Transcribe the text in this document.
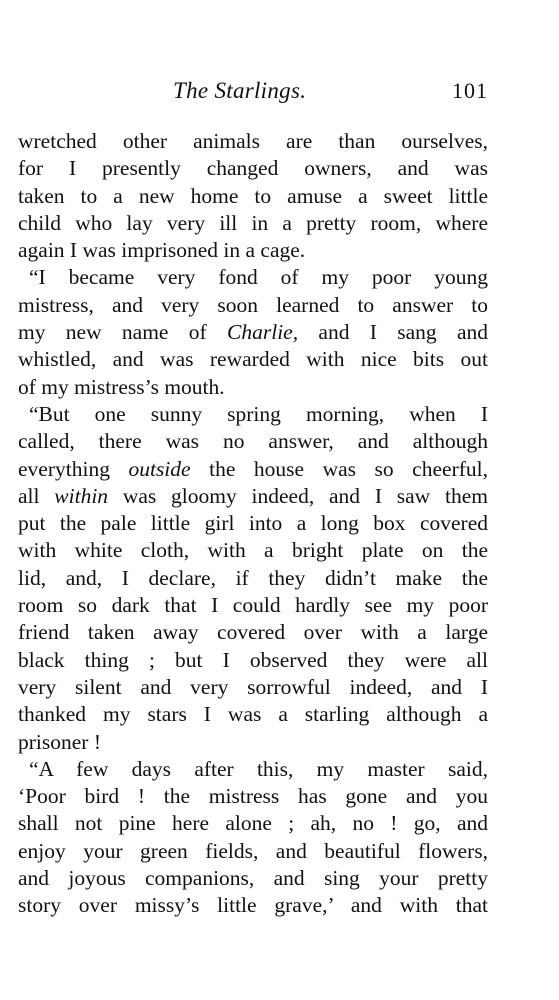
The Starlings.	101
wretched other animals are than ourselves,
for I presently changed owners, and was
taken to a new home to amuse a sweet little
child who lay very ill in a pretty room, where
again I was imprisoned in a cage.
“I became very fond of my poor young
mistress, and very soon learned to answer to
my new name of Charlie, and I sang and
whistled, and was rewarded with nice bits out
of my mistress’s mouth.
“But one sunny spring morning, when I
called, there was no answer, and although
everything outside the house was so cheerful,
all within was gloomy indeed, and I saw them
put the pale little girl into a long box covered
with white cloth, with a bright plate on the
lid, and, I declare, if they didn’t make the
room so dark that I could hardly see my poor
friend taken away covered over with a large
black thing ; but I observed they were all
very silent and very sorrowful indeed, and I
thanked my stars I was a starling although a
prisoner !
“A few days after this, my master said,
‘Poor bird ! the mistress has gone and you
shall not pine here alone ; ah, no ! go, and
enjoy your green fields, and beautiful flowers,
and joyous companions, and sing your pretty
story over missy’s little grave,’ and with that
